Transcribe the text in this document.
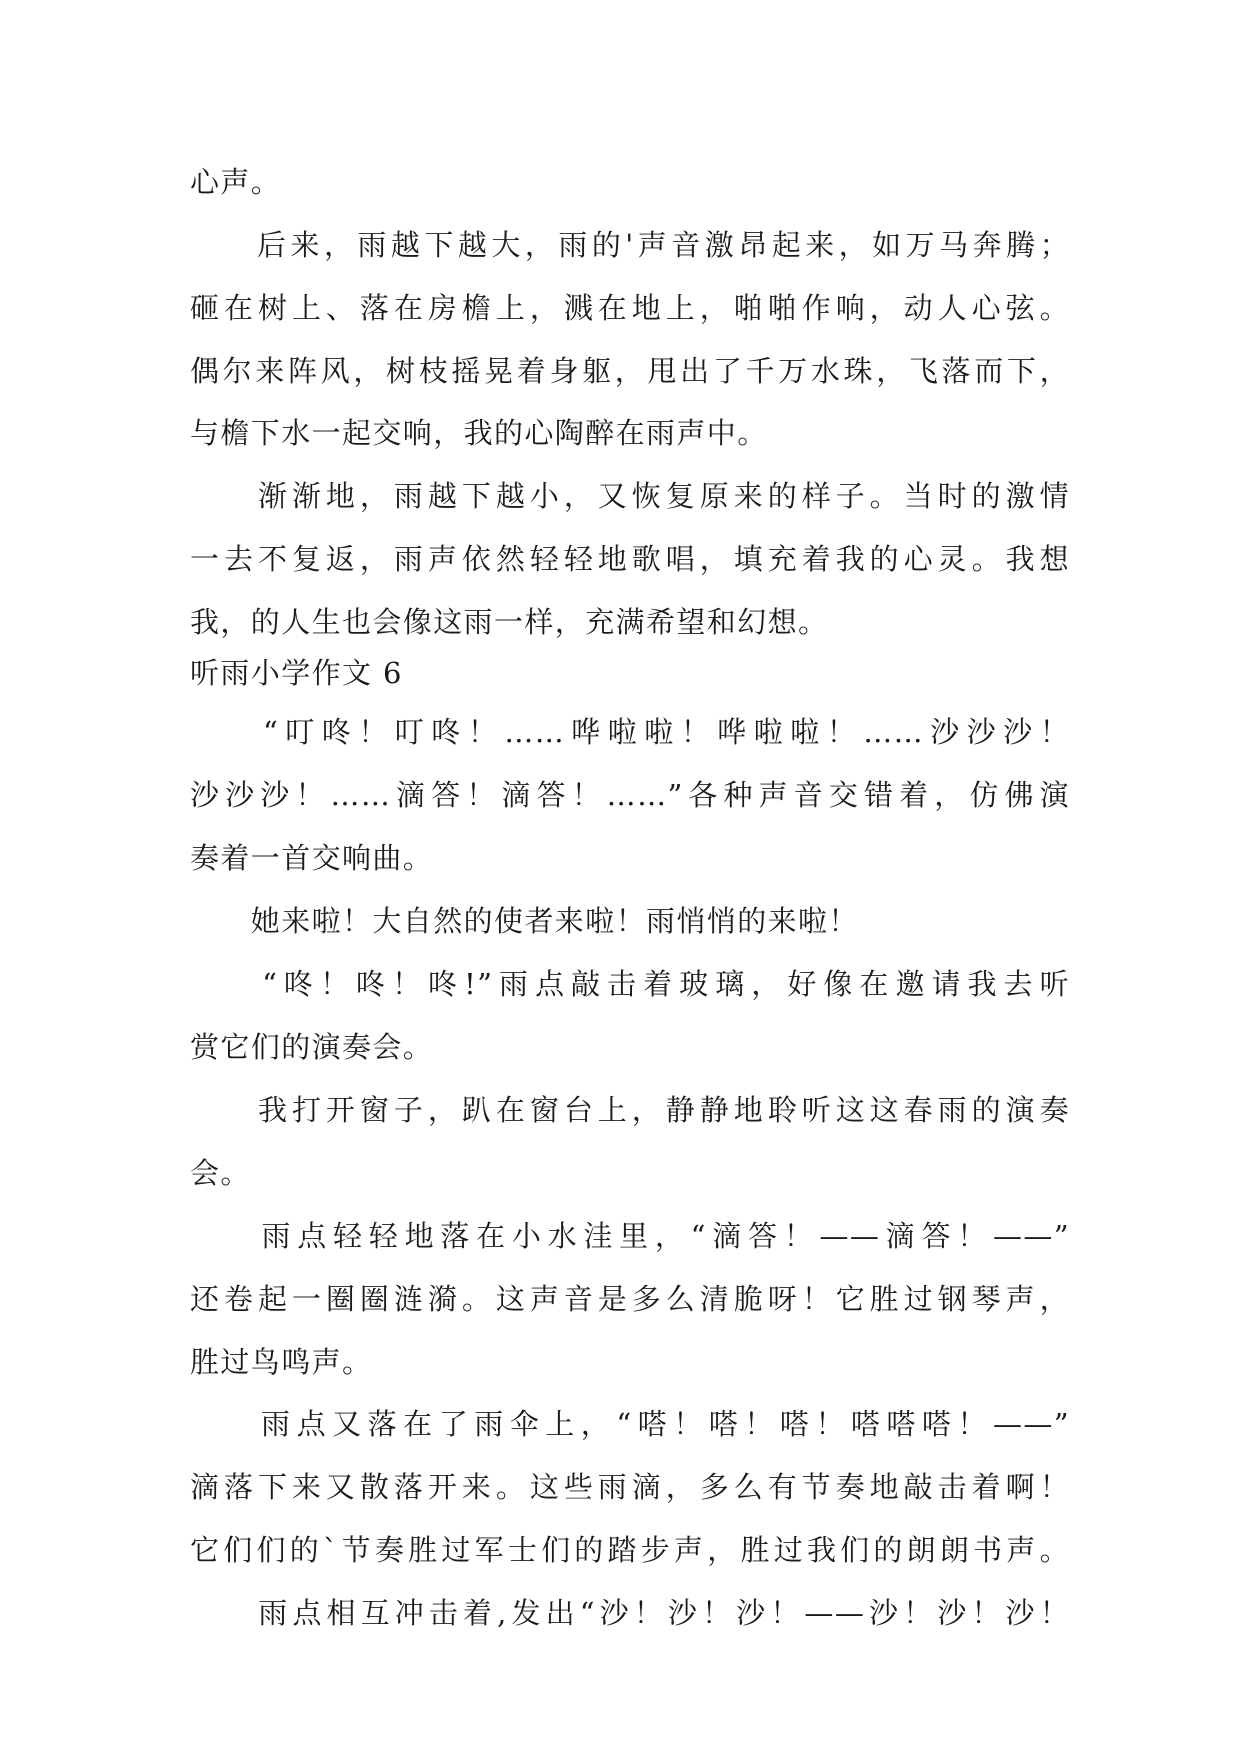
心声。

　　后来，雨越下越大，雨的'声音激昂起来，如万马奔腾；

砸在树上、落在房檐上，溅在地上，啪啪作响，动人心弦。

偶尔来阵风，树枝摇晃着身躯，甩出了千万水珠，飞落而下，

与檐下水一起交响，我的心陶醉在雨声中。

　　渐渐地，雨越下越小，又恢复原来的样子。当时的激情

一去不复返，雨声依然轻轻地歌唱，填充着我的心灵。我想

我，的人生也会像这雨一样，充满希望和幻想。

听雨小学作文 6

　　“叮咚！叮咚！……哗啦啦！哗啦啦！……沙沙沙！

沙沙沙！……滴答！滴答！……”各种声音交错着，仿佛演

奏着一首交响曲。

　　她来啦！大自然的使者来啦！雨悄悄的来啦！

　　“咚！咚！咚!”雨点敲击着玻璃，好像在邀请我去听

赏它们的演奏会。

　　我打开窗子，趴在窗台上，静静地聆听这这春雨的演奏

会。

　　雨点轻轻地落在小水洼里，“滴答！——滴答！——”

还卷起一圈圈涟漪。这声音是多么清脆呀！它胜过钢琴声，

胜过鸟鸣声。

　　雨点又落在了雨伞上，“嗒！嗒！嗒！嗒嗒嗒！——”

滴落下来又散落开来。这些雨滴，多么有节奏地敲击着啊！

它们们的`节奏胜过军士们的踏步声，胜过我们的朗朗书声。

　　雨点相互冲击着,发出“沙！沙！沙！——沙！沙！沙！
